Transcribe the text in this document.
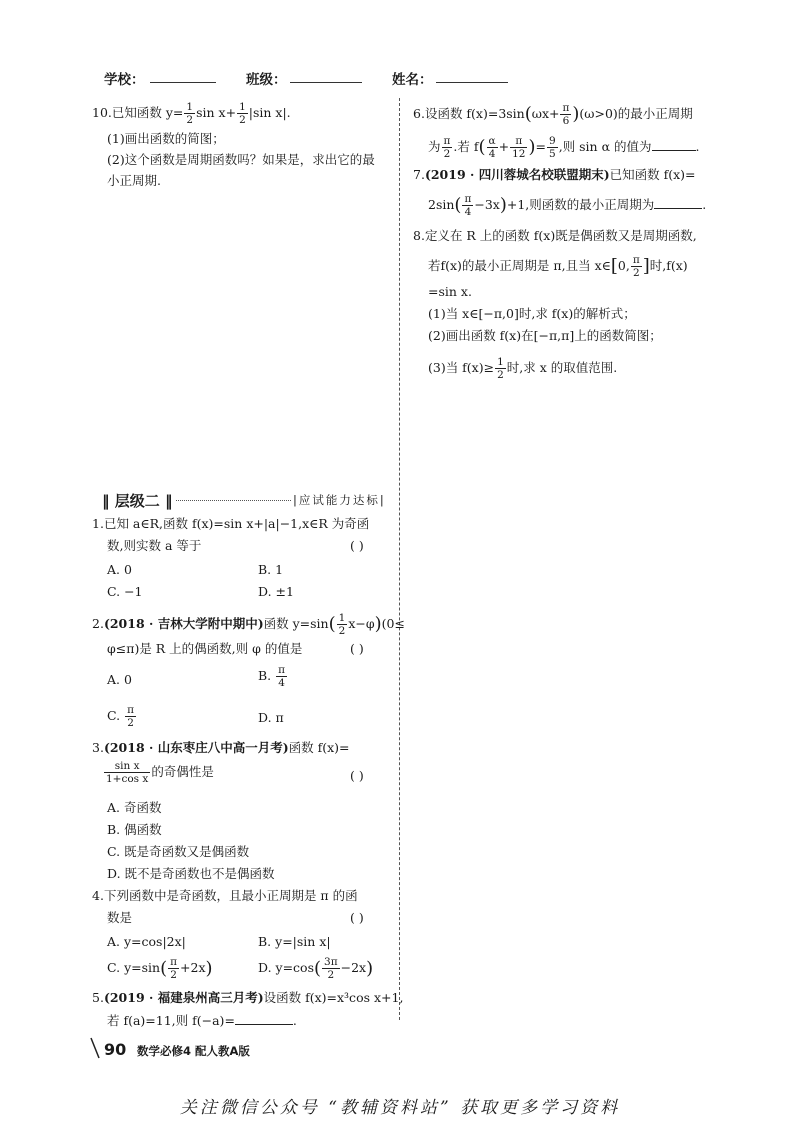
学校：	班级：	姓名：
10.已知函数 $y= \frac{1}{2}$ $\sin x+ \frac{1}{2} |\sin$ x|.
(1)画出函数的简图；
(2)这个函数是周期函数吗？如果是，求出它的最
小正周期.
‖ 层级二 ‖	|应试能力达标|
1.已知 a∈R,函数 f(x)=sin x+|a|−1,x∈R 为奇函
数,则实数 a 等于	( )
A. 0	B. 1
C. −1	D. ±1
2.(2018 · 吉林大学附中期中)函数 $y=\sin( \frac{1}{2} x-\varphi)(0\le$
φ≤π)是 R 上的偶函数,则 φ 的值是	( )
A. 0	B. $\frac{\pi}{4}$
C. $\frac{\pi}{2}$	D. π
3.(2018 · 山东枣庄八中高一月考)函数 f(x)=
$\frac{\text{sin x}}{\text{1+cos x}}$ 的奇偶性是	( )
A. 奇函数
B. 偶函数
C. 既是奇函数又是偶函数
D. 既不是奇函数也不是偶函数
4.下列函数中是奇函数，且最小正周期是 π 的函
数是	( )
A. y=cos|2x|	B. y=|sin x|
C. $y=\sin( \frac{\pi}{2} +2x)$	D. $y=\cos( \frac{3\pi}{2} -2x)$
5.(2019 · 福建泉州高三月考)设函数 f(x)=x³cos x+1,
若 f(a)=11,则 f(−a)=	.
6.设函数 $f(x)=3\sin(\omega x+ \frac{\pi}{6} )(\omega>0)$的最小正周期
为 $\frac{\pi}{2}$ .若 $f( \frac{\alpha}{4} + \frac{\pi}{12}$ )= $\frac{9}{5}$ ,则 sin α 的值为	.
7.(2019 · 四川蓉城名校联盟期末)已知函数 f(x)=
$2\sin( \frac{\pi}{4} -3x)+1$,则函数的最小正周期为	.
8.定义在 R 上的函数 f(x)既是偶函数又是周期函数,
若f(x)的最小正周期是 π,且当 x∈[0, $\frac{\pi}{2}$ ]时,f(x)
=sin x.
(1)当 x∈[−π,0]时,求 f(x)的解析式；
(2)画出函数 f(x)在[−π,π]上的函数简图；
(3)当 $f(x)\ge \frac{1}{2}$ 时,求 x 的取值范围.
90 数学必修4 配人教A版
关注微信公众号 “教辅资料站” 获取更多学习资料
